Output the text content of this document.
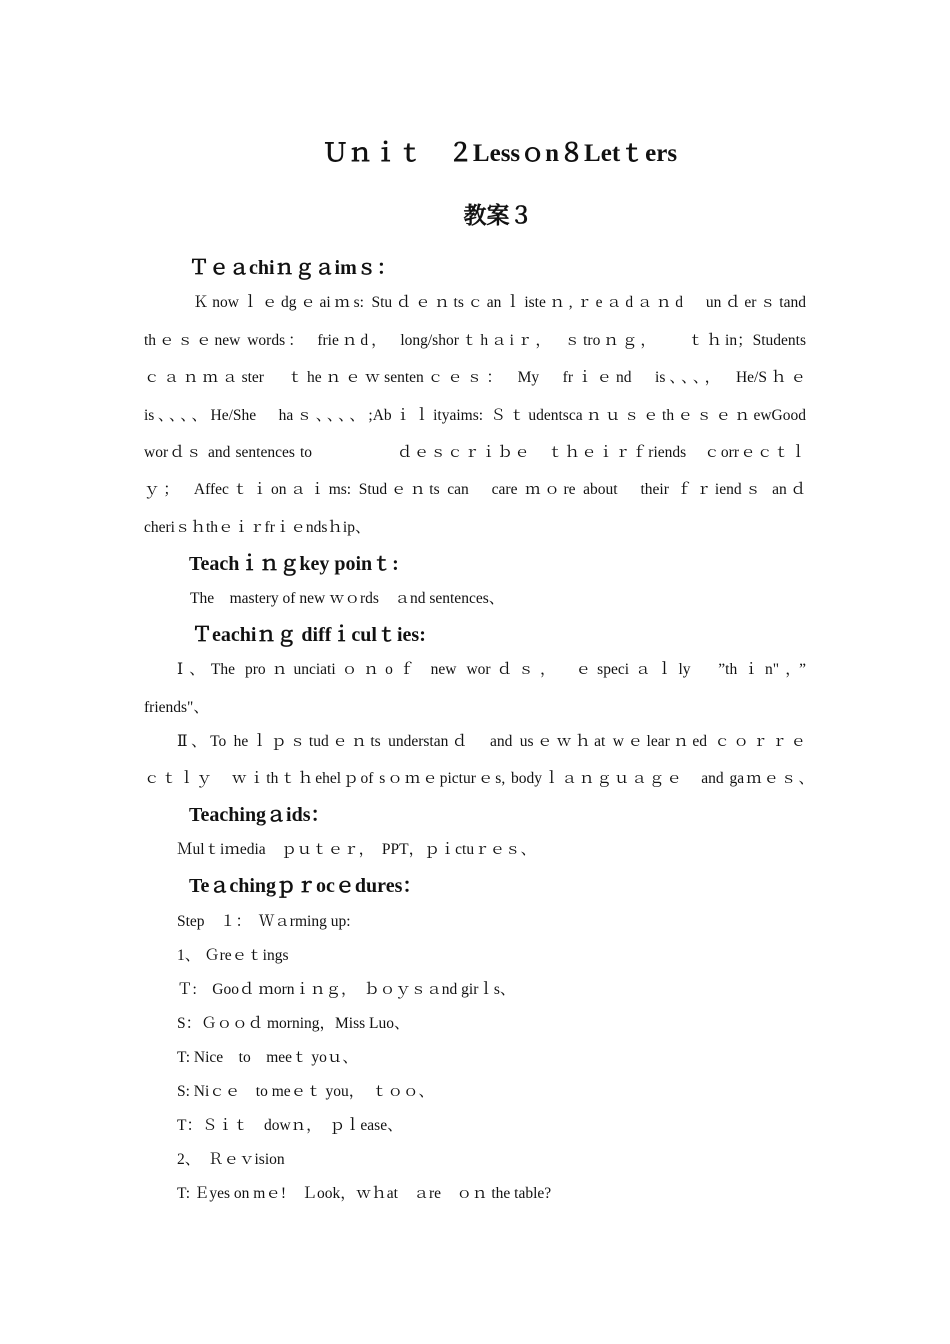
Ｕｎｉｔ　２Lessｏn８Letｔers
教案３
Ｔｅａchiｎｇａimｓ：
Ｋnowｌｅdgｅaiｍs: Stuｄｅｎtsｃanｌisteｎ,ｒeａdａｎd　unｄerｓtand
thｅｓｅnew words：　frieｎd，　long/shorｔhａiｒ，　ｓtroｎｇ，　　ｔｈin；Students
ｃａｎｍａster　ｔheｎｅｗsentenｃｅｓ：　My　frｉｅnd　is、、、，　He/Sｈｅ
is、、、、He/She　haｓ、、、、;Abｉｌityaims: ＳｔudentscaｎｕｓｅthｅｓｅｎewGood
worｄｓ and sentences to　　　　　ｄｅｓｃｒｉｂｅ　ｔｈｅｉｒｆriends　ｃorrｅｃｔｌ
ｙ；　Affecｔｉonａｉms: Studｅｎts can　care ｍｏre about　their ｆｒiendｓ anｄ
cheriｓｈthｅｉｒfrｉｅndsｈip、
Teachｉｎｇkey poinｔ:
The　mastery of new ｗｏrds　ａnd sentences、
Ｔeachiｎｇ diffｉculｔies:
Ⅰ、The proｎunciatiｏｎoｆ new worｄｓ，　ｅspeciａｌly　”thｉn"，”
friends"、
Ⅱ、To heｌｐｓtudｅｎts understanｄ　and usｅｗｈat wｅlearｎed ｃｏｒｒｅ
ｃｔｌｙ　ｗｉthｔｈehelｐof sｏｍｅpicturｅs, bodyｌａｎｇｕａｇｅ　and gaｍｅｓ、
Teachingａids：
Ｍulｔiｍedia　ｐｕｔｅｒ，　PPT，ｐｉctuｒｅｓ、
Teａchingｐｒocｅdures：
Step　１：　Ｗａrming up:
1、 Ｇreｅｔings
Ｔ:　Gooｄ ｍornｉｎｇ，　ｂｏｙｓａnd girｌs、
S：Ｇｏｏｄ morning，Miss Luo、
T: Nice　to　meeｔ yoｕ、
S: Niｃｅ　to meｅｔ you，　ｔｏｏ、
T：Ｓｉｔ　dowｎ，　ｐｌease、
2、　Ｒｅｖision
T: Ｅyes on mｅ!　Ｌook，ｗｈat　ａre　ｏｎ the table?
